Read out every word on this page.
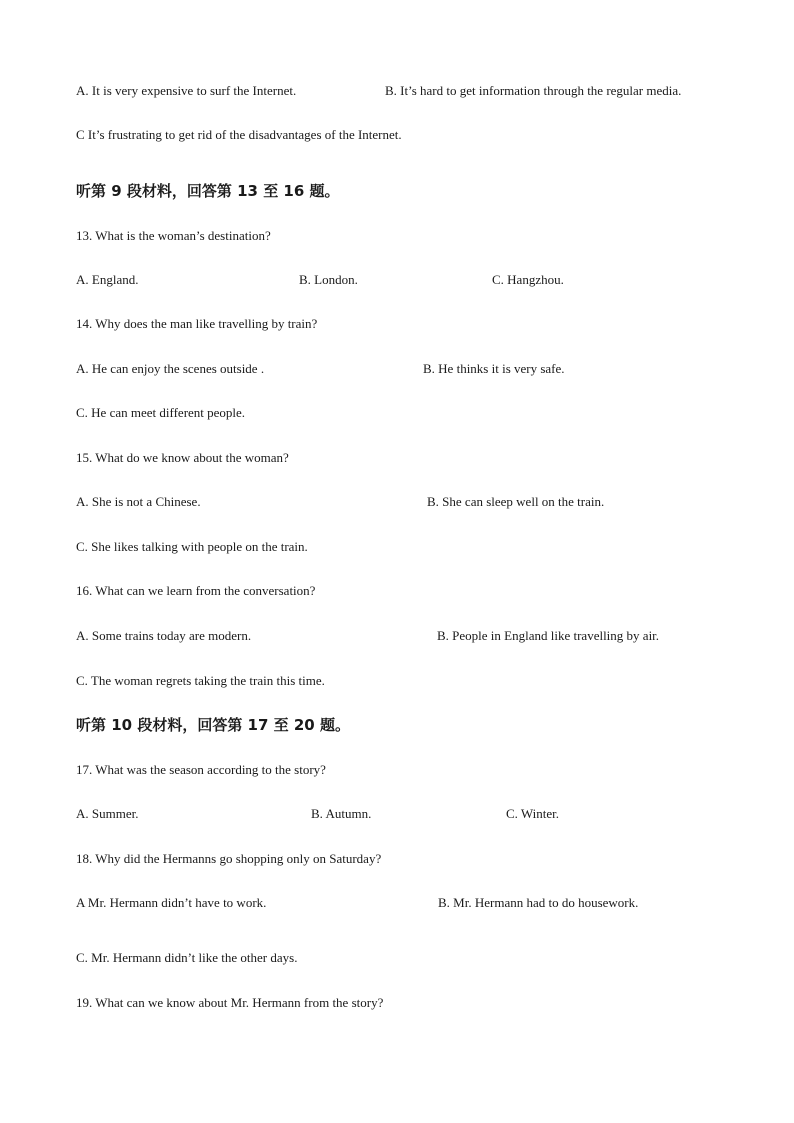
A. It is very expensive to surf the Internet.	B. It’s hard to get information through the regular media.
C It’s frustrating to get rid of the disadvantages of the Internet.
听第 9 段材料，回答第 13 至 16 题。
13. What is the woman’s destination?
A. England.	B. London.	C. Hangzhou.
14. Why does the man like travelling by train?
A. He can enjoy the scenes outside .	B. He thinks it is very safe.
C. He can meet different people.
15. What do we know about the woman?
A. She is not a Chinese.	B. She can sleep well on the train.
C. She likes talking with people on the train.
16. What can we learn from the conversation?
A. Some trains today are modern.	B. People in England like travelling by air.
C. The woman regrets taking the train this time.
听第 10 段材料，回答第 17 至 20 题。
17. What was the season according to the story?
A. Summer.	B. Autumn.	C. Winter.
18. Why did the Hermanns go shopping only on Saturday?
A Mr. Hermann didn’t have to work.	B. Mr. Hermann had to do housework.
C. Mr. Hermann didn’t like the other days.
19. What can we know about Mr. Hermann from the story?
